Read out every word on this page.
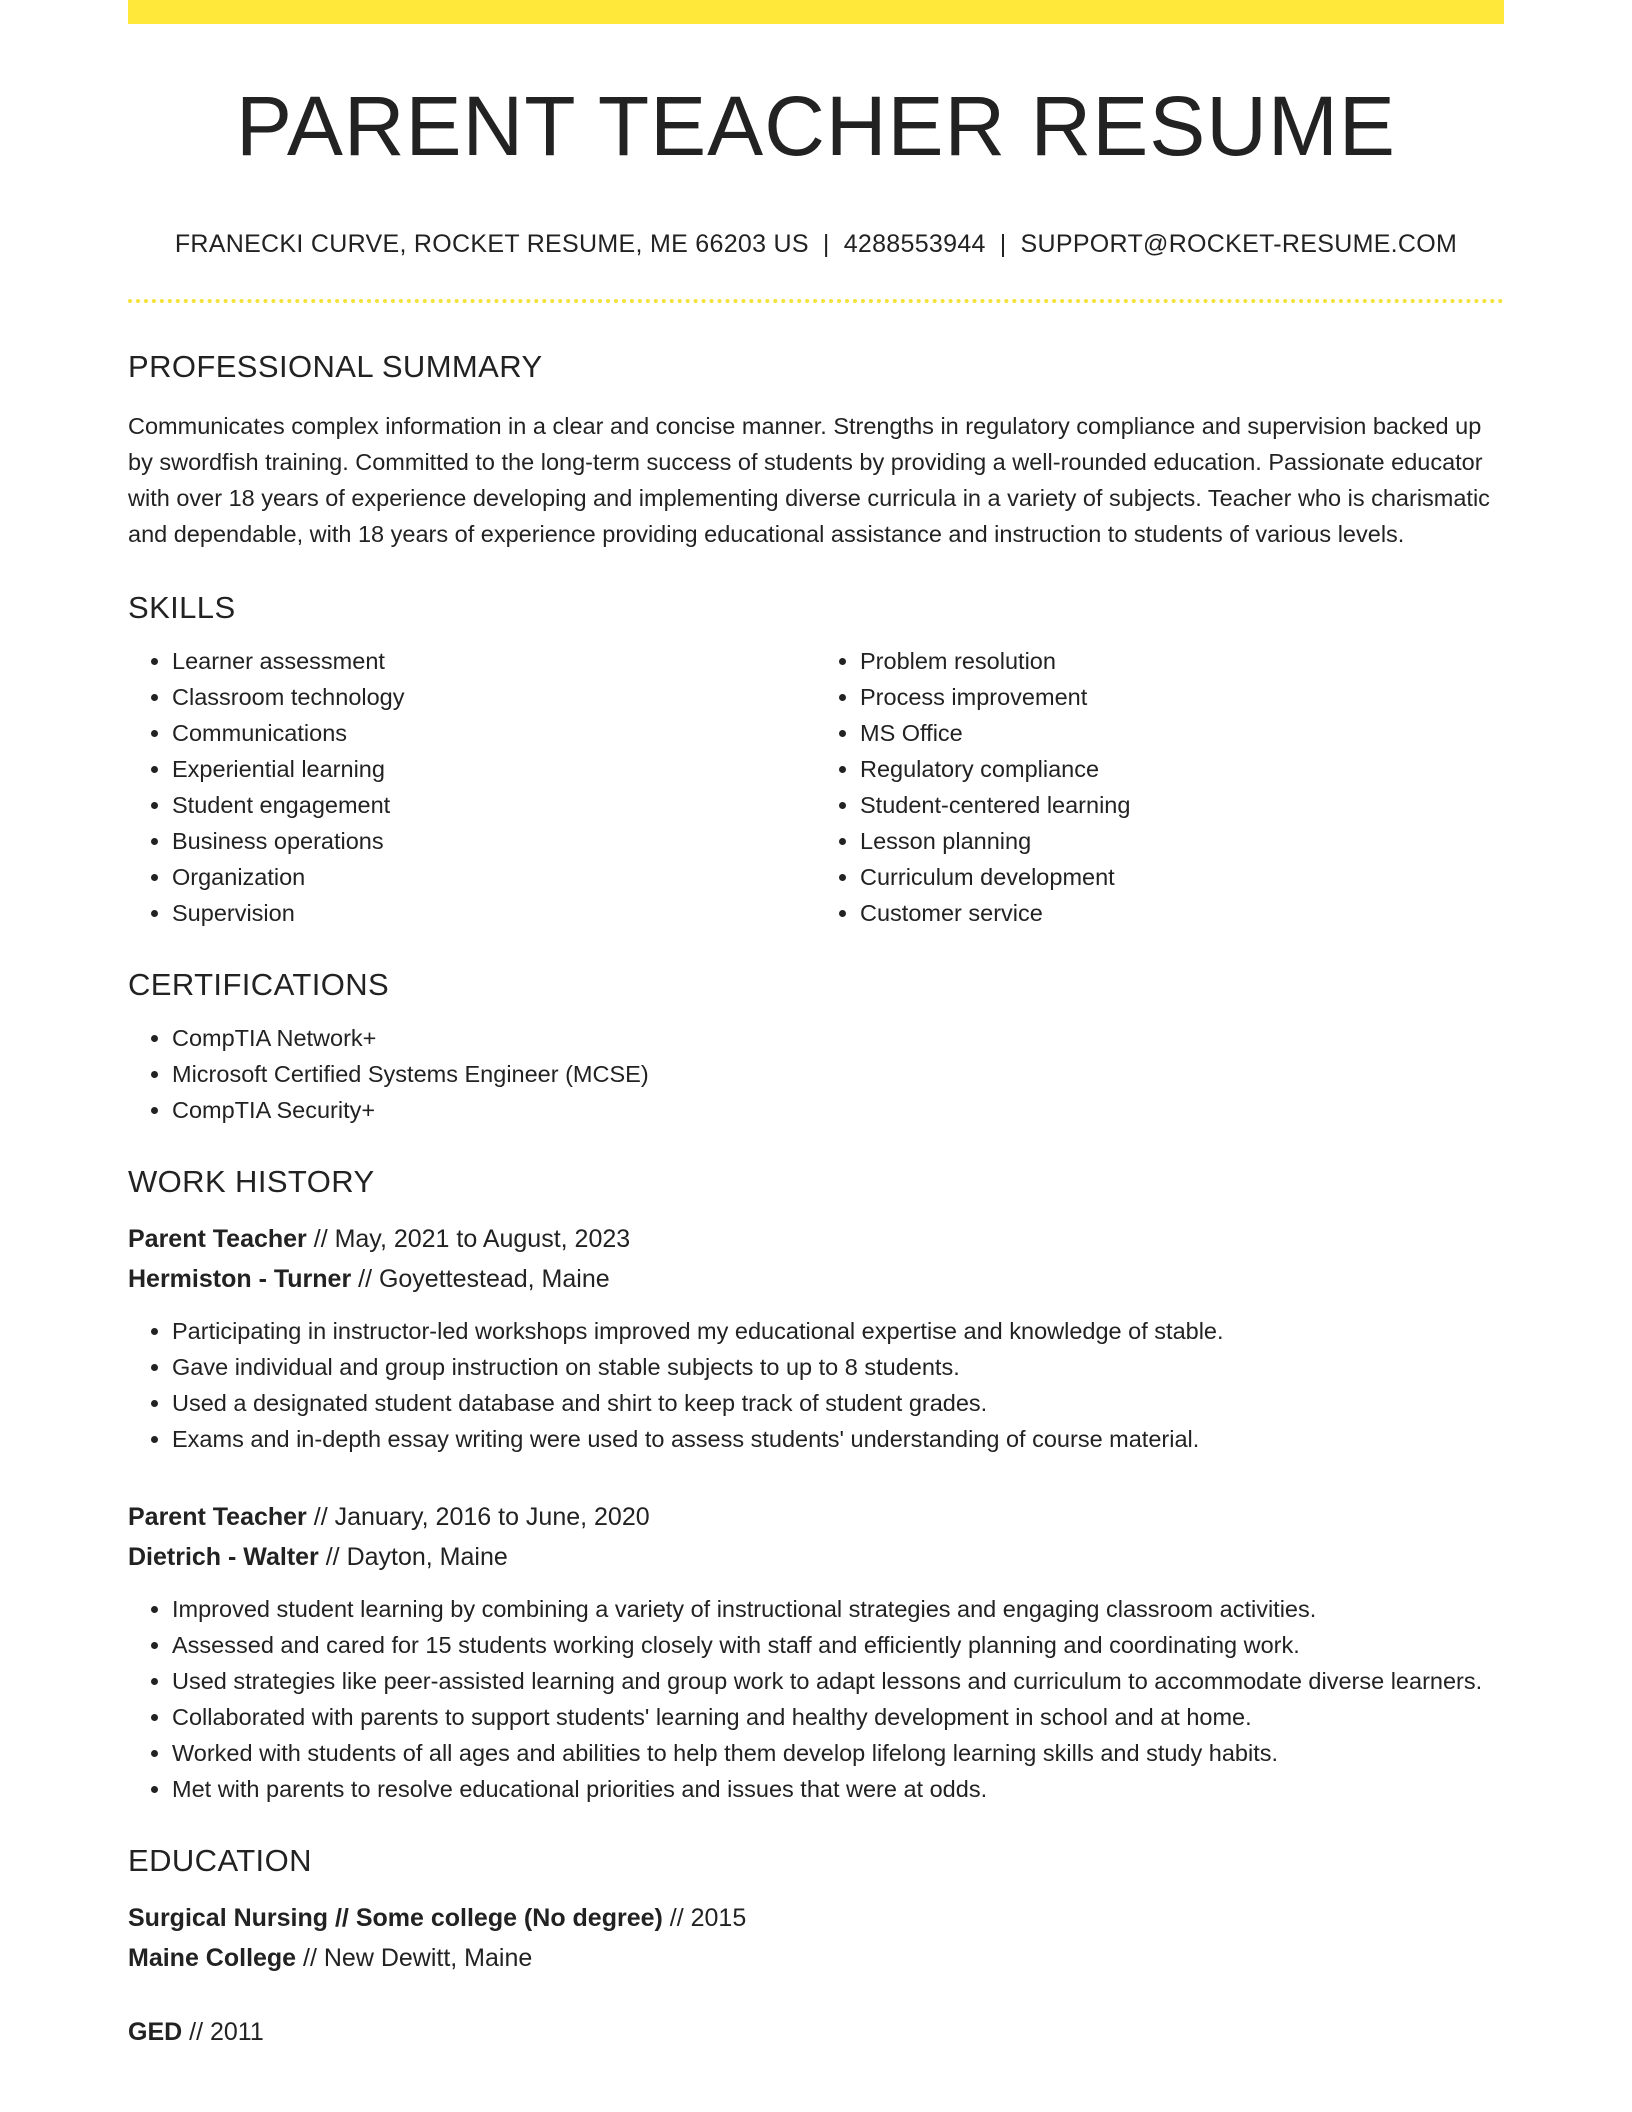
PARENT TEACHER RESUME
FRANECKI CURVE, ROCKET RESUME, ME 66203 US | 4288553944 | SUPPORT@ROCKET-RESUME.COM
PROFESSIONAL SUMMARY

Communicates complex information in a clear and concise manner. Strengths in regulatory compliance and supervision backed up by swordfish training. Committed to the long-term success of students by providing a well-rounded education. Passionate educator with over 18 years of experience developing and implementing diverse curricula in a variety of subjects. Teacher who is charismatic and dependable, with 18 years of experience providing educational assistance and instruction to students of various levels.

SKILLS
• Learner assessment
• Classroom technology
• Communications
• Experiential learning
• Student engagement
• Business operations
• Organization
• Supervision
• Problem resolution
• Process improvement
• MS Office
• Regulatory compliance
• Student-centered learning
• Lesson planning
• Curriculum development
• Customer service
CERTIFICATIONS
• CompTIA Network+
• Microsoft Certified Systems Engineer (MCSE)
• CompTIA Security+
WORK HISTORY
Parent Teacher // May, 2021 to August, 2023
Hermiston - Turner // Goyettestead, Maine
• Participating in instructor-led workshops improved my educational expertise and knowledge of stable.
• Gave individual and group instruction on stable subjects to up to 8 students.
• Used a designated student database and shirt to keep track of student grades.
• Exams and in-depth essay writing were used to assess students' understanding of course material.
Parent Teacher // January, 2016 to June, 2020
Dietrich - Walter // Dayton, Maine
• Improved student learning by combining a variety of instructional strategies and engaging classroom activities.
• Assessed and cared for 15 students working closely with staff and efficiently planning and coordinating work.
• Used strategies like peer-assisted learning and group work to adapt lessons and curriculum to accommodate diverse learners.
• Collaborated with parents to support students' learning and healthy development in school and at home.
• Worked with students of all ages and abilities to help them develop lifelong learning skills and study habits.
• Met with parents to resolve educational priorities and issues that were at odds.
EDUCATION
Surgical Nursing // Some college (No degree) // 2015
Maine College // New Dewitt, Maine
GED // 2011
